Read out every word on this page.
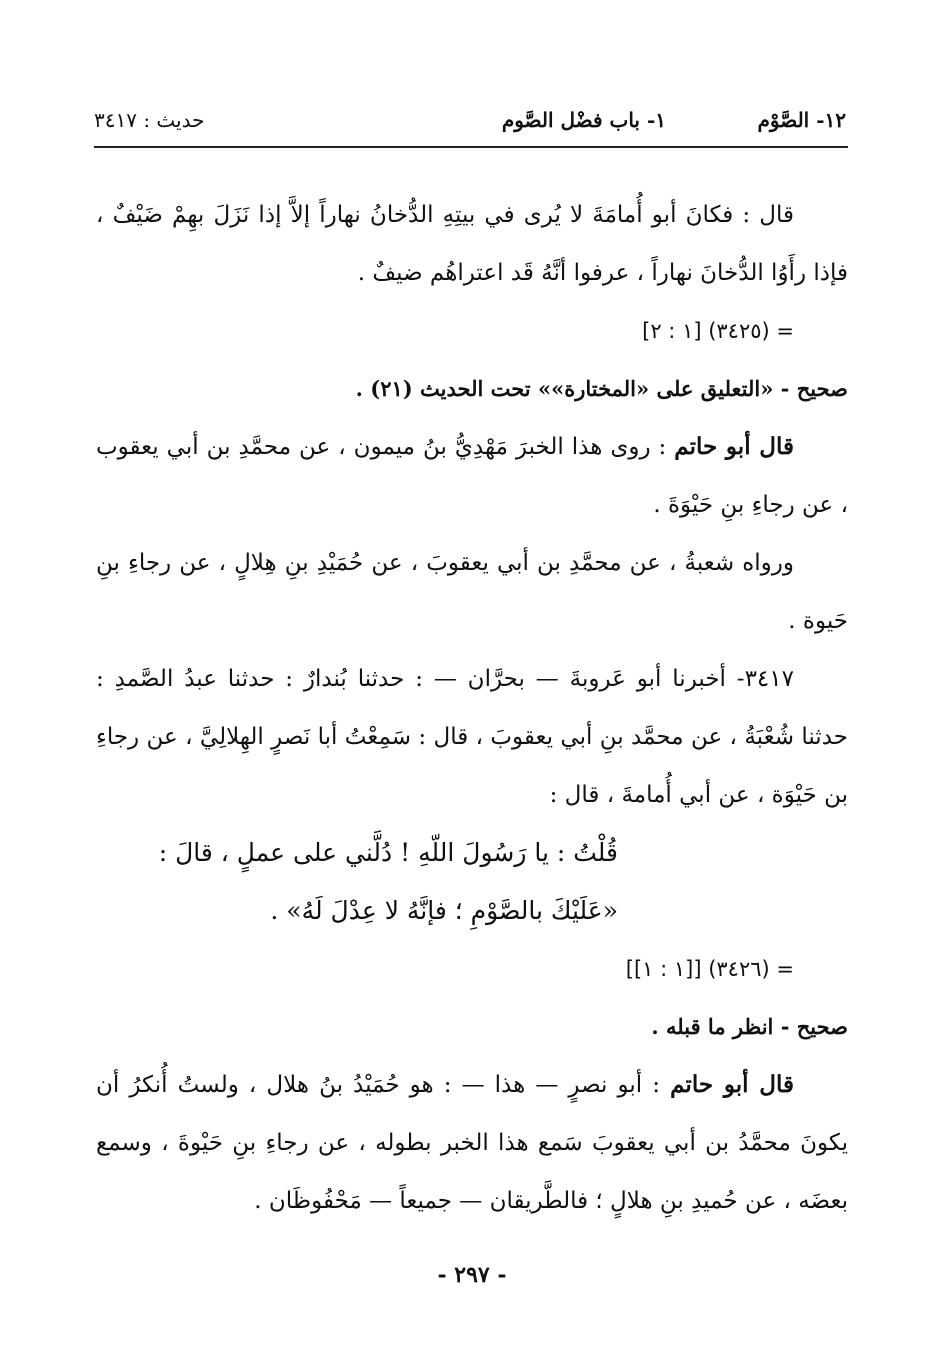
١٢- الصَّوْم
١- باب فضْل الصَّوم
حديث : ٣٤١٧

قال : فكانَ أبو أُمامَةَ لا يُرى في بيتِهِ الدُّخانُ نهاراً إلاَّ إذا نَزَلَ بهِمْ ضَيْفٌ ، فإذا رأَوُا الدُّخانَ نهاراً ، عرفوا أنَّهُ قَد اعتراهُم ضيفٌ .

= (٣٤٢٥) [١ : ٢]

صحيح - «التعليق على «المختارة»» تحت الحديث (٢١) .

قال أبو حاتم : روى هذا الخبرَ مَهْدِيُّ بنُ ميمون ، عن محمَّدِ بن أبي يعقوب ، عن رجاءِ بنِ حَيْوَةَ .

ورواه شعبةُ ، عن محمَّدِ بن أبي يعقوبَ ، عن حُمَيْدِ بنِ هِلالٍ ، عن رجاءِ بنِ حَيوة .

٣٤١٧- أخبرنا أبو عَروبةَ — بحرَّان — : حدثنا بُندارٌ : حدثنا عبدُ الصَّمدِ : حدثنا شُعْبَةُ ، عن محمَّد بنِ أبي يعقوبَ ، قال : سَمِعْتُ أبا نَصرٍ الهِلالِيَّ ، عن رجاءِ بن حَيْوَة ، عن أبي أُمامةَ ، قال :

قُلْتُ : يا رَسُولَ اللّهِ ! دُلَّني على عملٍ ، قالَ :

«عَلَيْكَ بالصَّوْمِ ؛ فإنَّهُ لا عِدْلَ لَهُ» .

= (٣٤٢٦) [[١ : ١]]

صحيح - انظر ما قبله .

قال أبو حاتم : أبو نصرٍ — هذا — : هو حُمَيْدُ بنُ هلال ، ولستُ أُنكرُ أن يكونَ محمَّدُ بن أبي يعقوبَ سَمع هذا الخبر بطوله ، عن رجاءِ بنِ حَيْوةَ ، وسمع بعضَه ، عن حُميدِ بنِ هلالٍ ؛ فالطَّريقان — جميعاً — مَحْفُوظَان .

- ٢٩٧ -
